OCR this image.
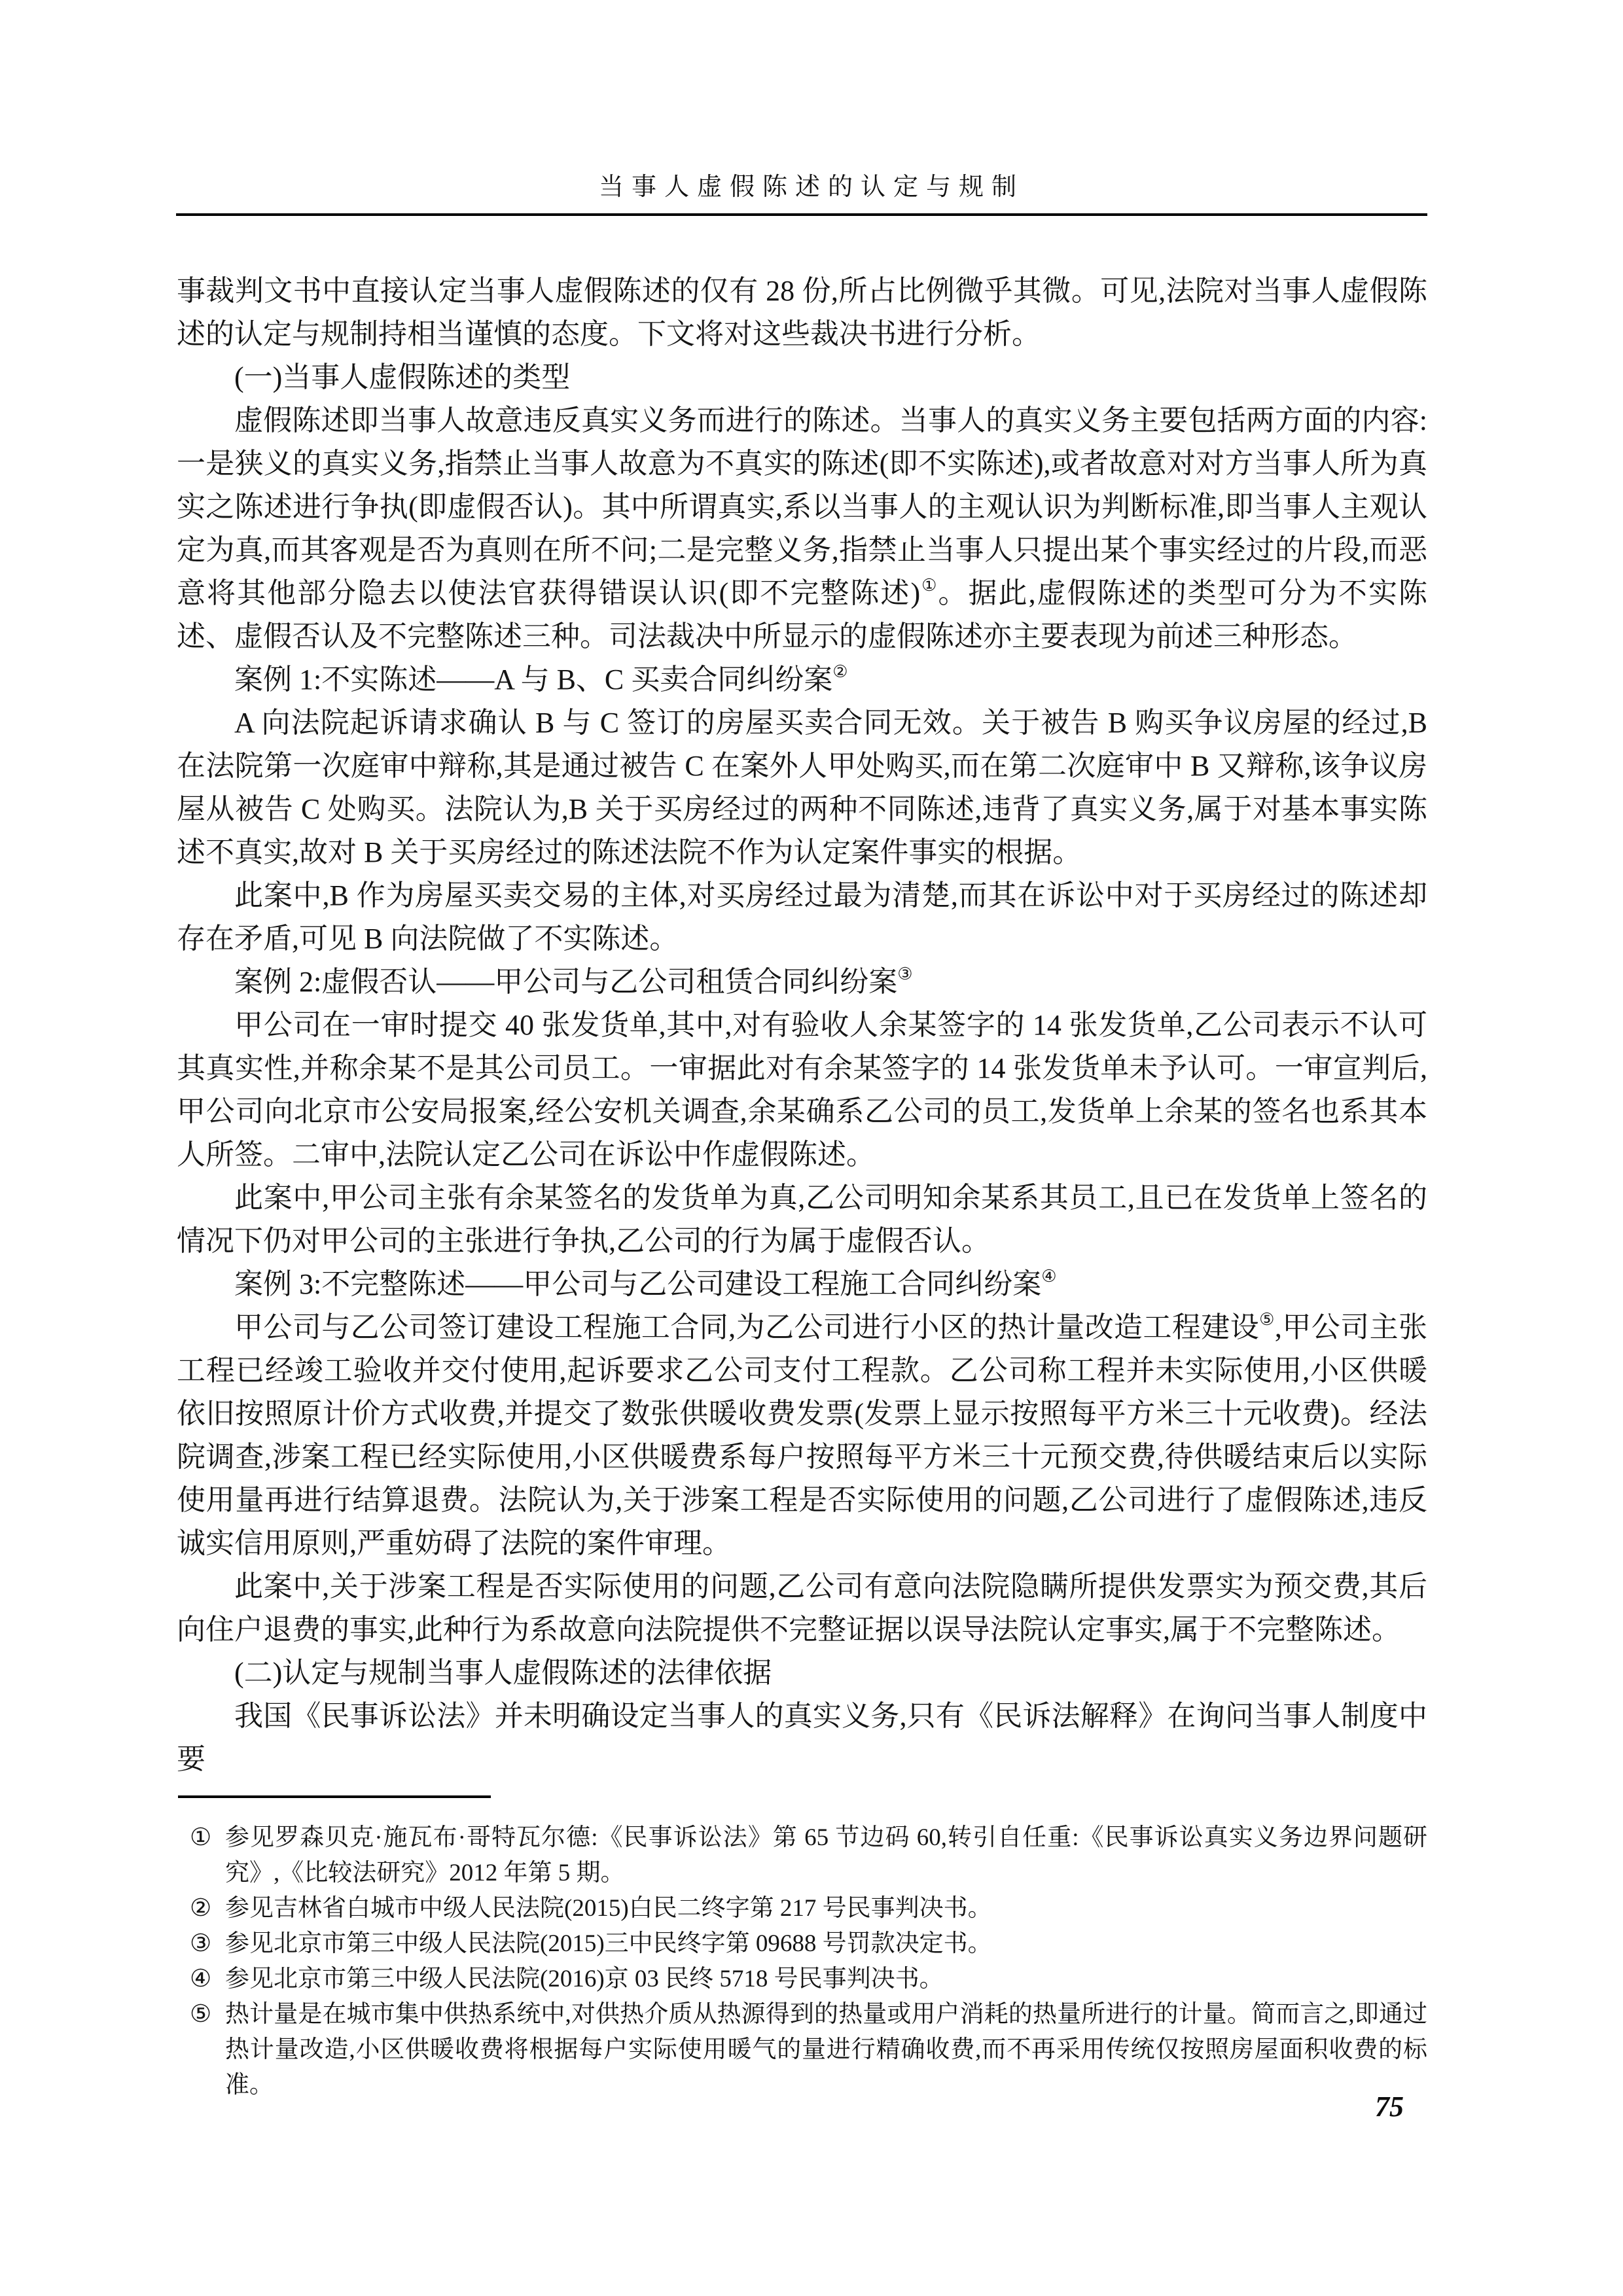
当事人虚假陈述的认定与规制

事裁判文书中直接认定当事人虚假陈述的仅有 28 份,所占比例微乎其微。可见,法院对当事人虚假陈述的认定与规制持相当谨慎的态度。下文将对这些裁决书进行分析。

(一)当事人虚假陈述的类型

虚假陈述即当事人故意违反真实义务而进行的陈述。当事人的真实义务主要包括两方面的内容:一是狭义的真实义务,指禁止当事人故意为不真实的陈述(即不实陈述),或者故意对对方当事人所为真实之陈述进行争执(即虚假否认)。其中所谓真实,系以当事人的主观认识为判断标准,即当事人主观认定为真,而其客观是否为真则在所不问;二是完整义务,指禁止当事人只提出某个事实经过的片段,而恶意将其他部分隐去以使法官获得错误认识(即不完整陈述)①。据此,虚假陈述的类型可分为不实陈述、虚假否认及不完整陈述三种。司法裁决中所显示的虚假陈述亦主要表现为前述三种形态。

案例 1:不实陈述——A 与 B、C 买卖合同纠纷案②

A 向法院起诉请求确认 B 与 C 签订的房屋买卖合同无效。关于被告 B 购买争议房屋的经过,B 在法院第一次庭审中辩称,其是通过被告 C 在案外人甲处购买,而在第二次庭审中 B 又辩称,该争议房屋从被告 C 处购买。法院认为,B 关于买房经过的两种不同陈述,违背了真实义务,属于对基本事实陈述不真实,故对 B 关于买房经过的陈述法院不作为认定案件事实的根据。

此案中,B 作为房屋买卖交易的主体,对买房经过最为清楚,而其在诉讼中对于买房经过的陈述却存在矛盾,可见 B 向法院做了不实陈述。

案例 2:虚假否认——甲公司与乙公司租赁合同纠纷案③

甲公司在一审时提交 40 张发货单,其中,对有验收人余某签字的 14 张发货单,乙公司表示不认可其真实性,并称余某不是其公司员工。一审据此对有余某签字的 14 张发货单未予认可。一审宣判后,甲公司向北京市公安局报案,经公安机关调查,余某确系乙公司的员工,发货单上余某的签名也系其本人所签。二审中,法院认定乙公司在诉讼中作虚假陈述。

此案中,甲公司主张有余某签名的发货单为真,乙公司明知余某系其员工,且已在发货单上签名的情况下仍对甲公司的主张进行争执,乙公司的行为属于虚假否认。

案例 3:不完整陈述——甲公司与乙公司建设工程施工合同纠纷案④

甲公司与乙公司签订建设工程施工合同,为乙公司进行小区的热计量改造工程建设⑤,甲公司主张工程已经竣工验收并交付使用,起诉要求乙公司支付工程款。乙公司称工程并未实际使用,小区供暖依旧按照原计价方式收费,并提交了数张供暖收费发票(发票上显示按照每平方米三十元收费)。经法院调查,涉案工程已经实际使用,小区供暖费系每户按照每平方米三十元预交费,待供暖结束后以实际使用量再进行结算退费。法院认为,关于涉案工程是否实际使用的问题,乙公司进行了虚假陈述,违反诚实信用原则,严重妨碍了法院的案件审理。

此案中,关于涉案工程是否实际使用的问题,乙公司有意向法院隐瞒所提供发票实为预交费,其后向住户退费的事实,此种行为系故意向法院提供不完整证据以误导法院认定事实,属于不完整陈述。

(二)认定与规制当事人虚假陈述的法律依据

我国《民事诉讼法》并未明确设定当事人的真实义务,只有《民诉法解释》在询问当事人制度中要

① 参见罗森贝克·施瓦布·哥特瓦尔德:《民事诉讼法》第 65 节边码 60,转引自任重:《民事诉讼真实义务边界问题研究》,《比较法研究》2012 年第 5 期。
② 参见吉林省白城市中级人民法院(2015)白民二终字第 217 号民事判决书。
③ 参见北京市第三中级人民法院(2015)三中民终字第 09688 号罚款决定书。
④ 参见北京市第三中级人民法院(2016)京 03 民终 5718 号民事判决书。
⑤ 热计量是在城市集中供热系统中,对供热介质从热源得到的热量或用户消耗的热量所进行的计量。简而言之,即通过热计量改造,小区供暖收费将根据每户实际使用暖气的量进行精确收费,而不再采用传统仅按照房屋面积收费的标准。
75
